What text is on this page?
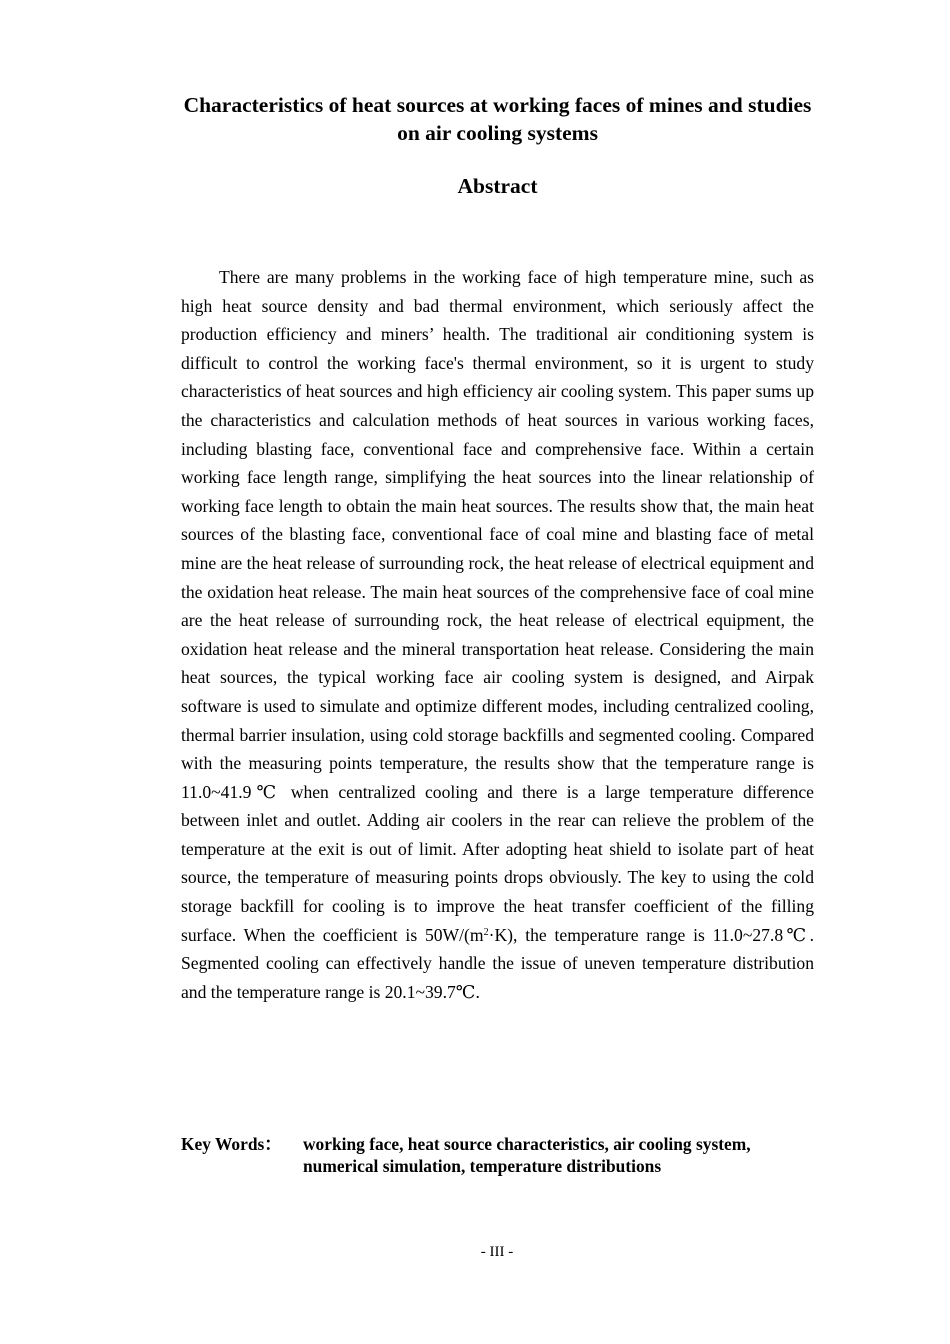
Characteristics of heat sources at working faces of mines and studies on air cooling systems
Abstract

There are many problems in the working face of high temperature mine, such as high heat source density and bad thermal environment, which seriously affect the production efficiency and miners’ health. The traditional air conditioning system is difficult to control the working face's thermal environment, so it is urgent to study characteristics of heat sources and high efficiency air cooling system. This paper sums up the characteristics and calculation methods of heat sources in various working faces, including blasting face, conventional face and comprehensive face. Within a certain working face length range, simplifying the heat sources into the linear relationship of working face length to obtain the main heat sources. The results show that, the main heat sources of the blasting face, conventional face of coal mine and blasting face of metal mine are the heat release of surrounding rock, the heat release of electrical equipment and the oxidation heat release. The main heat sources of the comprehensive face of coal mine are the heat release of surrounding rock, the heat release of electrical equipment, the oxidation heat release and the mineral transportation heat release. Considering the main heat sources, the typical working face air cooling system is designed, and Airpak software is used to simulate and optimize different modes, including centralized cooling, thermal barrier insulation, using cold storage backfills and segmented cooling. Compared with the measuring points temperature, the results show that the temperature range is 11.0~41.9℃ when centralized cooling and there is a large temperature difference between inlet and outlet. Adding air coolers in the rear can relieve the problem of the temperature at the exit is out of limit. After adopting heat shield to isolate part of heat source, the temperature of measuring points drops obviously. The key to using the cold storage backfill for cooling is to improve the heat transfer coefficient of the filling surface. When the coefficient is $50W/(m^2\cdot K)$, the temperature range is 11.0~27.8℃. Segmented cooling can effectively handle the issue of uneven temperature distribution and the temperature range is 20.1~39.7℃.

Key Words：	working face, heat source characteristics, air cooling system, numerical simulation, temperature distributions
- III -
